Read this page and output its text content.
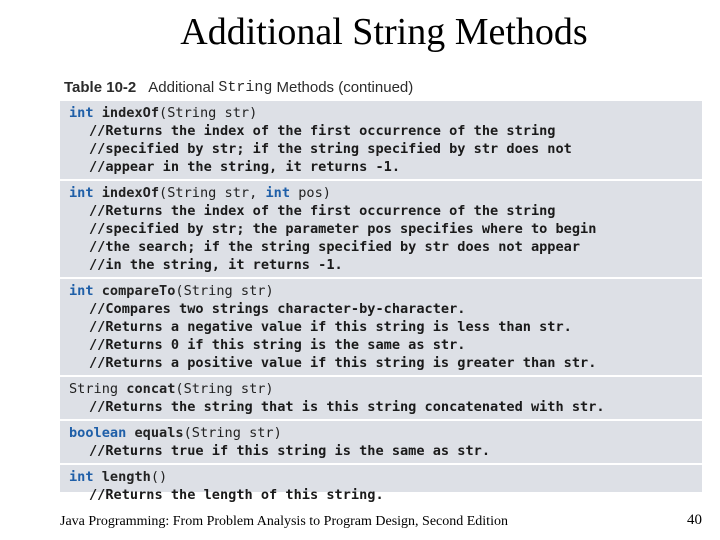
Additional String Methods
Table 10-2 Additional
String
Methods (continued)
int indexOf(String str)
//Returns the index of the first occurrence of the string
//specified by str; if the string specified by str does not
//appear in the string, it returns -1.
int indexOf(String str, int pos)
//Returns the index of the first occurrence of the string
//specified by str; the parameter pos specifies where to begin
//the search; if the string specified by str does not appear
//in the string, it returns -1.
int compareTo(String str)
//Compares two strings character-by-character.
//Returns a negative value if this string is less than str.
//Returns 0 if this string is the same as str.
//Returns a positive value if this string is greater than str.
String concat(String str)
//Returns the string that is this string concatenated with str.
boolean equals(String str)
//Returns true if this string is the same as str.
int length()
//Returns the length of this string.
Java Programming: From Problem Analysis to Program Design, Second Edition	40
